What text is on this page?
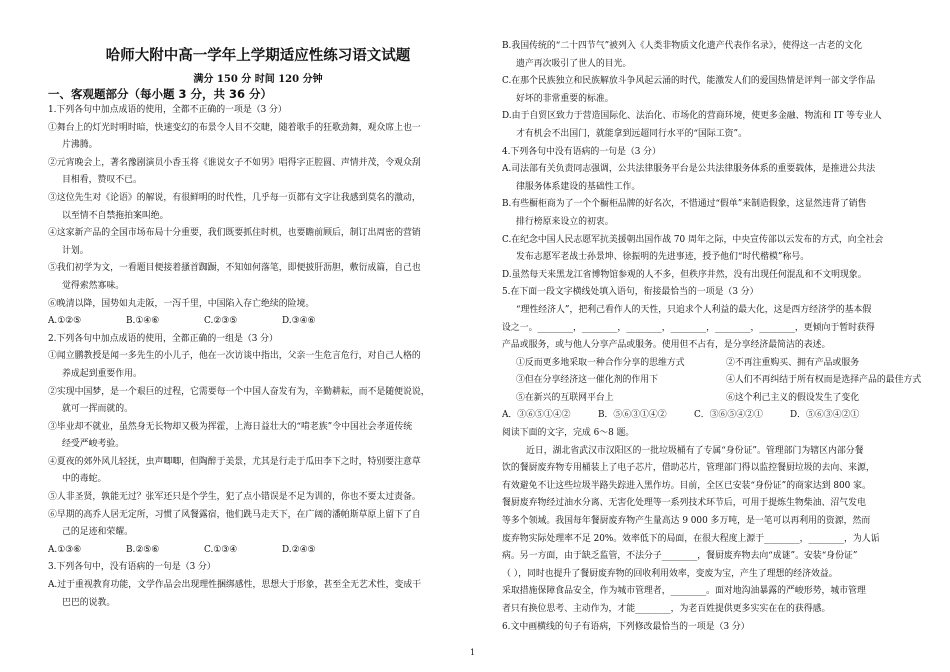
哈师大附中高一学年上学期适应性练习语文试题
满分 150 分 时间 120 分钟
一、客观题部分（每小题 3 分，共 36 分）
1.下列各句中加点成语的使用，全都不正确的一项是（3 分）
①舞台上的灯光时明时暗，快速变幻的布景令人目不交睫，随着歌手的狂歌劲舞，观众席上也一
片沸腾。
②元宵晚会上，著名豫剧演员小香玉将《谁说女子不如男》唱得字正腔圆、声情并茂，令观众刮
目相看，赞叹不已。
③这位先生对《论语》的解说，有很鲜明的时代性，几乎每一页都有文字让我感到莫名的激动，
以至情不自禁拖拍案叫绝。
④这家新产品的全国市场布局十分重要，我们既要抓住时机，也要瞻前顾后，制订出周密的营销
计划。
⑤我们初学为文，一看题目便接着搔首踟蹰，不知如何落笔，即便披肝沥胆，敷衍成篇，自己也
觉得索然寡味。
⑥晚清以降，国势如丸走阪，一泻千里，中国陷入存亡绝续的险境。
A.①②⑤	B.①④⑥	C.②③⑤	D.③④⑥
2.下列各句中加点成语的使用，全都正确的一组是（3 分）
①闻立鹏教授是闻一多先生的小儿子，他在一次访谈中指出，父亲一生危言危行，对自己人格的
养成起到重要作用。
②实现中国梦，是一个艰巨的过程，它需要每一个中国人奋发有为，辛勤耕耘，而不是随便说说，
就可一挥而就的。
③毕业却不就业，虽然身无长物却又极为挥霍，上海日益壮大的“啃老族”令中国社会孝道传统
经受严峻考验。
④夏夜的郊外风儿轻抚，虫声唧唧，但陶醉于美景，尤其是行走于瓜田李下之时，特别要注意草
中的毒蛇。
⑤人非圣贤，孰能无过？张军还只是个学生，犯了点小错误是不足为训的，你也不要太过责备。
⑥早期的高乔人居无定所，习惯了风餐露宿，他们跣马走天下，在广阔的潘帕斯草原上留下了自
己的足迹和荣耀。
A.①③⑥	B.②⑤⑥	C.①③④	D.②④⑤
3.下列各句中，没有语病的一句是（3 分）
A.过于重视教育功能，文学作品会出现理性捆绑感性，思想大于形象，甚至全无艺术性，变成干
巴巴的说教。
B.我国传统的“二十四节气”被列入《人类非物质文化遗产代表作名录》，使得这一古老的文化
遗产再次吸引了世人的目光。
C.在那个民族独立和民族解放斗争风起云涌的时代，能激发人们的爱国热情是评判一部文学作品
好坏的非常重要的标准。
D.由于自贸区致力于营造国际化、法治化、市场化的营商环境，使更多金融、物流和 IT 等专业人
才有机会不出国门，就能拿到远超同行水平的“国际工资”。
4.下列各句中没有语病的一句是（3 分）
A.司法部有关负责同志强调，公共法律服务平台是公共法律服务体系的重要载体，是推进公共法
律服务体系建设的基础性工作。
B.有些橱柜商为了一个个橱柜品牌的好名次，不惜通过“假单”来制造假象，这显然违背了销售
排行榜原来设立的初衷。
C.在纪念中国人民志愿军抗美援朝出国作战 70 周年之际，中央宣传部以云发布的方式，向全社会
发布志愿军老战士孙景坤、徐振明的先进事迹，授予他们“时代楷模”称号。
D.虽然每天来黑龙江省博物馆参观的人不多，但秩序井然，没有出现任何混乱和不文明现象。
5.在下面一段文字横线处填入语句，衔接最恰当的一项是（3 分）
“理性经济人”，把利己看作人的天性，只追求个人利益的最大化，这是西方经济学的基本假
设之一。________，________，________，________，________，________，更倾向于暂时获得
产品或服务，或与他人分享产品或服务。使用但不占有，是分享经济最简洁的表述。
①反而更多地采取一种合作分享的思维方式	②不再注重购买、拥有产品或服务
③但在分享经济这一催化剂的作用下	④人们不再纠结于所有权而是选择产品的最佳方式
⑤在新兴的互联网平台上	⑥这个利己主义的假设发生了变化
A．③⑥⑤①④②	B．⑤⑥③①④②	C．③⑥⑤④②①	D．⑤⑥③④②①
阅读下面的文字，完成 6～8 题。
近日，湖北省武汉市汉阳区的一批垃圾桶有了专属“身份证”。管理部门为辖区内部分餐
饮的餐厨废弃物专用桶装上了电子芯片，借助芯片，管理部门得以监控餐厨垃圾的去向、来源，
有效避免不让这些垃圾半路失踪进入黑作坊。目前，全区已安装“身份证”的商家达到 800 家。
餐厨废弃物经过油水分离、无害化处理等一系列技术环节后，可用于提炼生物柴油、沼气发电
等多个领域。我国每年餐厨废弃物产生量高达 9 000 多万吨，是一笔可以再利用的资源，然而
废弃物实际处理率不足 20%。效率低下的局面，在很大程度上源于________，________，为人诟
病。另一方面，由于缺乏监管，不法分子________，餐厨废弃物去向“成谜”。安装“身份证”
（ ），同时也提升了餐厨废弃物的回收利用效率，变废为宝，产生了理想的经济效益。
采取措施保障食品安全，作为城市管理者，________。面对地沟油暴露的严峻形势，城市管理
者只有换位思考、主动作为，才能________，为老百姓提供更多实实在在的获得感。
6.文中画横线的句子有语病，下列修改最恰当的一项是（3 分）
1
